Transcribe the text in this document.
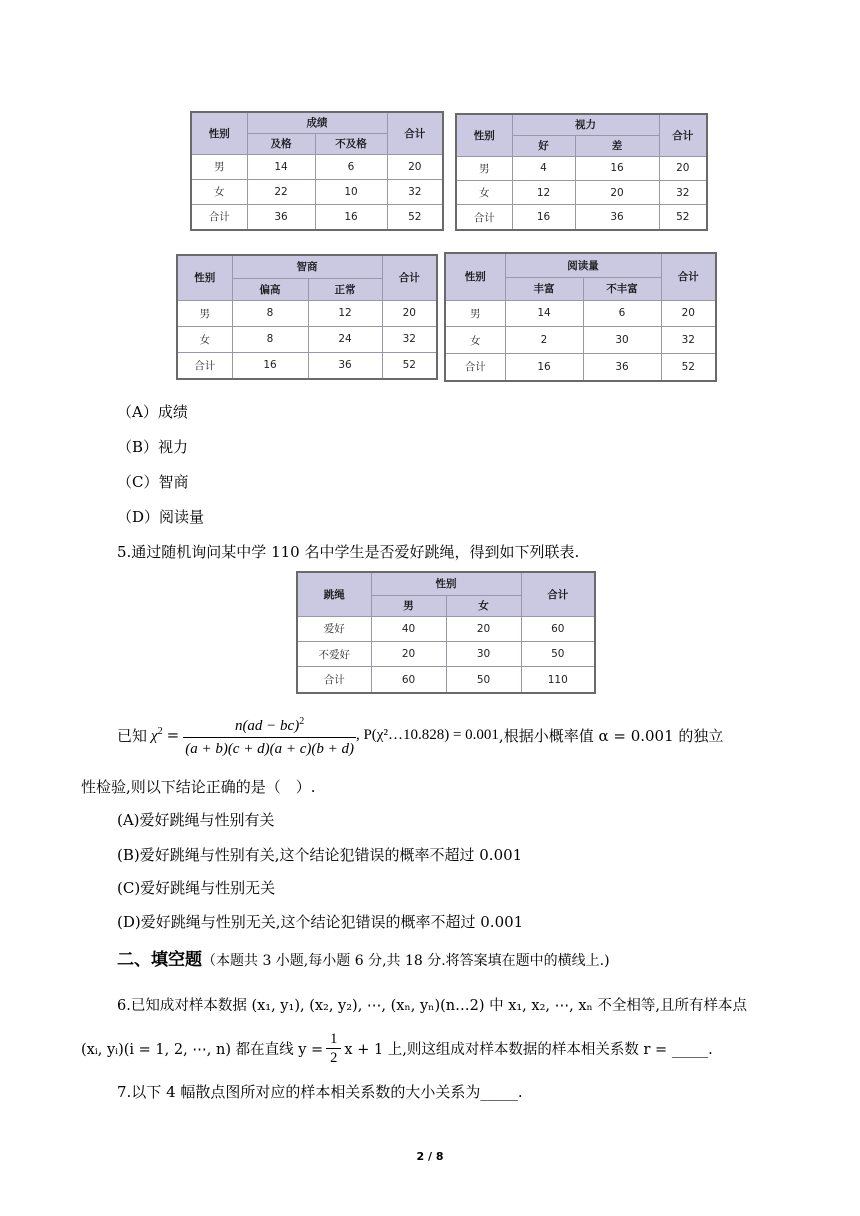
性别	成绩		合计
	及格	不及格	
男	14	6	20
女	22	10	32
合计	36	16	52
性别	视力		合计
	好	差	
男	4	16	20
女	12	20	32
合计	16	36	52
性别	智商		合计
	偏高	正常	
男	8	12	20
女	8	24	32
合计	16	36	52
性别	阅读量		合计
	丰富	不丰富	
男	14	6	20
女	2	30	32
合计	16	36	52
（A）成绩
（B）视力
（C）智商
（D）阅读量
5.通过随机询问某中学 110 名中学生是否爱好跳绳，得到如下列联表.
跳绳	性别		合计
	男	女	
爱好	40	20	60
不爱好	20	30	50
合计	60	50	110
已知 $\chi^2 = \frac{n(ad - bc)^2}{(a + b)(c + d)(a + c)(b + d)}$ , P(χ²…10.828) = 0.001 ,根据小概率值 α = 0.001 的独立
性检验,则以下结论正确的是（　）.
(A)爱好跳绳与性别有关
(B)爱好跳绳与性别有关,这个结论犯错误的概率不超过 0.001
(C)爱好跳绳与性别无关
(D)爱好跳绳与性别无关,这个结论犯错误的概率不超过 0.001
二、填空题（本题共 3 小题,每小题 6 分,共 18 分.将答案填在题中的横线上.)
6.已知成对样本数据 (x₁, y₁), (x₂, y₂), ⋯, (xₙ, yₙ)(n…2) 中 x₁, x₂, ⋯, xₙ 不全相等,且所有样本点
(xᵢ, yᵢ)(i = 1, 2, ⋯, n) 都在直线 $y = \frac{1}{2}$ x + 1 上,则这组成对样本数据的样本相关系数 r = _____.
7.以下 4 幅散点图所对应的样本相关系数的大小关系为_____.
2 / 8
